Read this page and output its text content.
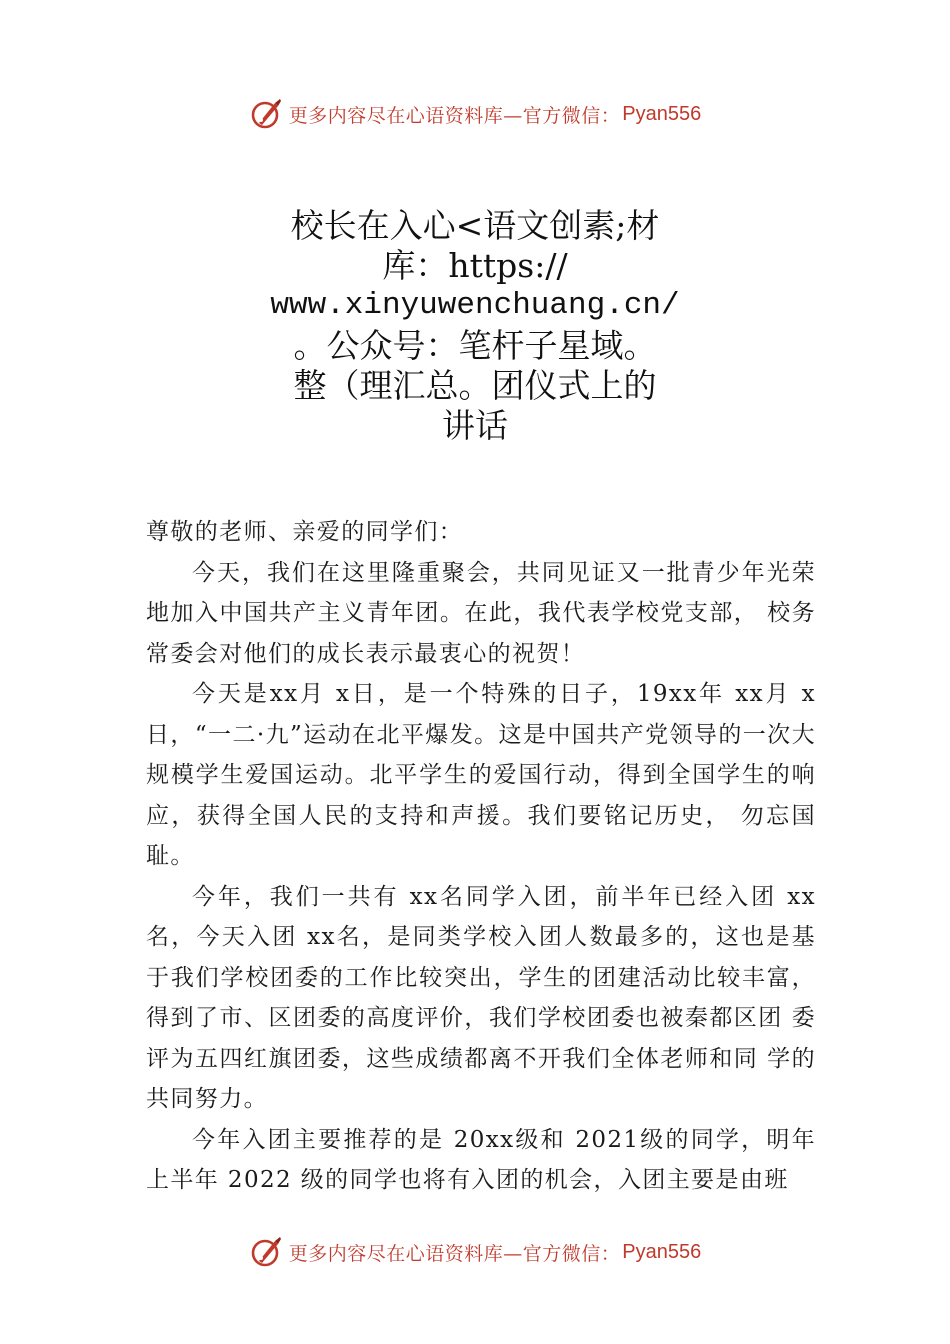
更多内容尽在心语资料库—官方微信： Pyan556
校长在入心<语文创素;材
库：https://
www.xinyuwenchuang.cn/
。公众号：笔杆子星域。
整（理汇总。团仪式上的
讲话

尊敬的老师、亲爱的同学们：

今天，我们在这里隆重聚会，共同见证又一批青少年光荣地加入中国共产主义青年团。在此，我代表学校党支部， 校务常委会对他们的成长表示最衷心的祝贺！

今天是xx月 x日，是一个特殊的日子，19xx年 xx月 x日，“一二·九”运动在北平爆发。这是中国共产党领导的一次大规模学生爱国运动。北平学生的爱国行动，得到全国学生的响应，获得全国人民的支持和声援。我们要铭记历史， 勿忘国耻。

今年，我们一共有 xx名同学入团，前半年已经入团 xx名，今天入团 xx名，是同类学校入团人数最多的，这也是基于我们学校团委的工作比较突出，学生的团建活动比较丰富， 得到了市、区团委的高度评价，我们学校团委也被秦都区团 委评为五四红旗团委，这些成绩都离不开我们全体老师和同 学的共同努力。

今年入团主要推荐的是 20xx级和 2021级的同学，明年上半年 2022 级的同学也将有入团的机会，入团主要是由班

更多内容尽在心语资料库—官方微信： Pyan556
